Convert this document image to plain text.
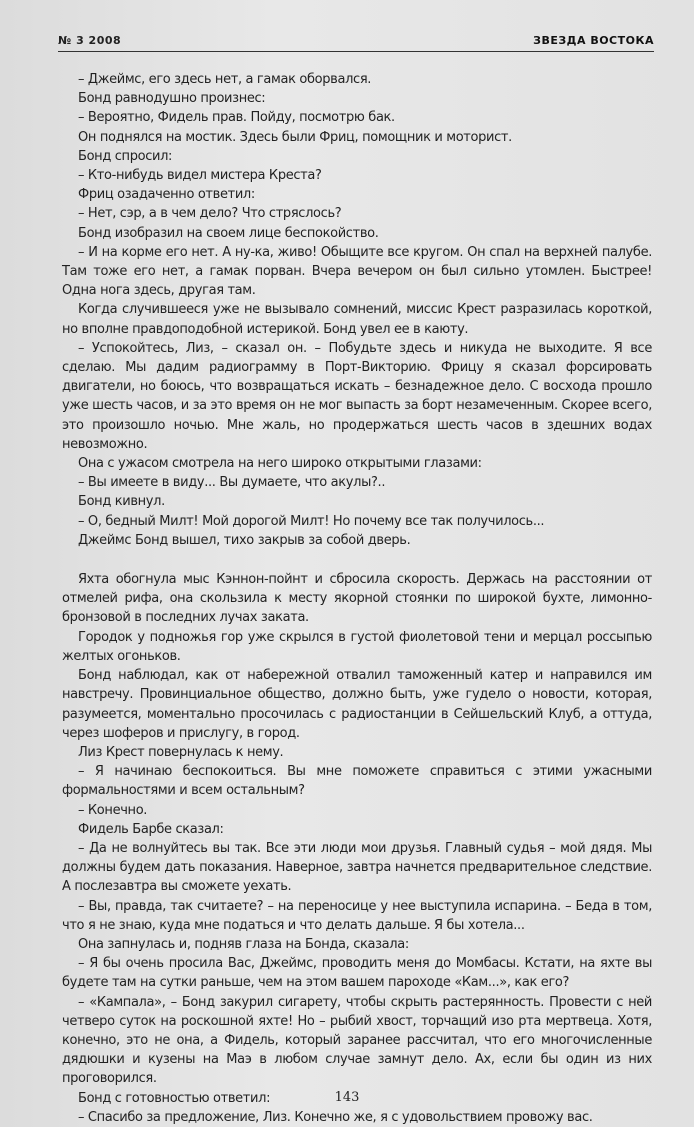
№ 3 2008	ЗВЕЗДА ВОСТОКА

– Джеймс, его здесь нет, а гамак оборвался.

Бонд равнодушно произнес:

– Вероятно, Фидель прав. Пойду, посмотрю бак.

Он поднялся на мостик. Здесь были Фриц, помощник и моторист.

Бонд спросил:

– Кто-нибудь видел мистера Креста?

Фриц озадаченно ответил:

– Нет, сэр, а в чем дело? Что стряслось?

Бонд изобразил на своем лице беспокойство.

– И на корме его нет. А ну-ка, живо! Обыщите все кругом. Он спал на верхней палубе. Там тоже его нет, а гамак порван. Вчера вечером он был сильно утомлен. Быстрее! Одна нога здесь, другая там.

Когда случившееся уже не вызывало сомнений, миссис Крест разразилась короткой, но вполне правдоподобной истерикой. Бонд увел ее в каюту.

– Успокойтесь, Лиз, – сказал он. – Побудьте здесь и никуда не выходите. Я все сделаю. Мы дадим радиограмму в Порт-Викторию. Фрицу я сказал форсировать двигатели, но боюсь, что возвращаться искать – безнадежное дело. С восхода прошло уже шесть часов, и за это время он не мог выпасть за борт незамеченным. Скорее всего, это произошло ночью. Мне жаль, но продержаться шесть часов в здешних водах невозможно.

Она с ужасом смотрела на него широко открытыми глазами:

– Вы имеете в виду... Вы думаете, что акулы?..

Бонд кивнул.

– О, бедный Милт! Мой дорогой Милт! Но почему все так получилось...

Джеймс Бонд вышел, тихо закрыв за собой дверь.

Яхта обогнула мыс Кэннон-пойнт и сбросила скорость. Держась на расстоянии от отмелей рифа, она скользила к месту якорной стоянки по широкой бухте, лимонно-бронзовой в последних лучах заката.

Городок у подножья гор уже скрылся в густой фиолетовой тени и мерцал россыпью желтых огоньков.

Бонд наблюдал, как от набережной отвалил таможенный катер и направился им навстречу. Провинциальное общество, должно быть, уже гудело о новости, которая, разумеется, моментально просочилась с радиостанции в Сейшельский Клуб, а оттуда, через шоферов и прислугу, в город.

Лиз Крест повернулась к нему.

– Я начинаю беспокоиться. Вы мне поможете справиться с этими ужасными формальностями и всем остальным?

– Конечно.

Фидель Барбе сказал:

– Да не волнуйтесь вы так. Все эти люди мои друзья. Главный судья – мой дядя. Мы должны будем дать показания. Наверное, завтра начнется предварительное следствие. А послезавтра вы сможете уехать.

– Вы, правда, так считаете? – на переносице у нее выступила испарина. – Беда в том, что я не знаю, куда мне податься и что делать дальше. Я бы хотела...

Она запнулась и, подняв глаза на Бонда, сказала:

– Я бы очень просила Вас, Джеймс, проводить меня до Момбасы. Кстати, на яхте вы будете там на сутки раньше, чем на этом вашем пароходе «Кам...», как его?

– «Кампала», – Бонд закурил сигарету, чтобы скрыть растерянность. Провести с ней четверо суток на роскошной яхте! Но – рыбий хвост, торчащий изо рта мертвеца. Хотя, конечно, это не она, а Фидель, который заранее рассчитал, что его многочисленные дядюшки и кузены на Маэ в любом случае замнут дело. Ах, если бы один из них проговорился.

Бонд с готовностью ответил:

– Спасибо за предложение, Лиз. Конечно же, я с удовольствием провожу вас.

143
